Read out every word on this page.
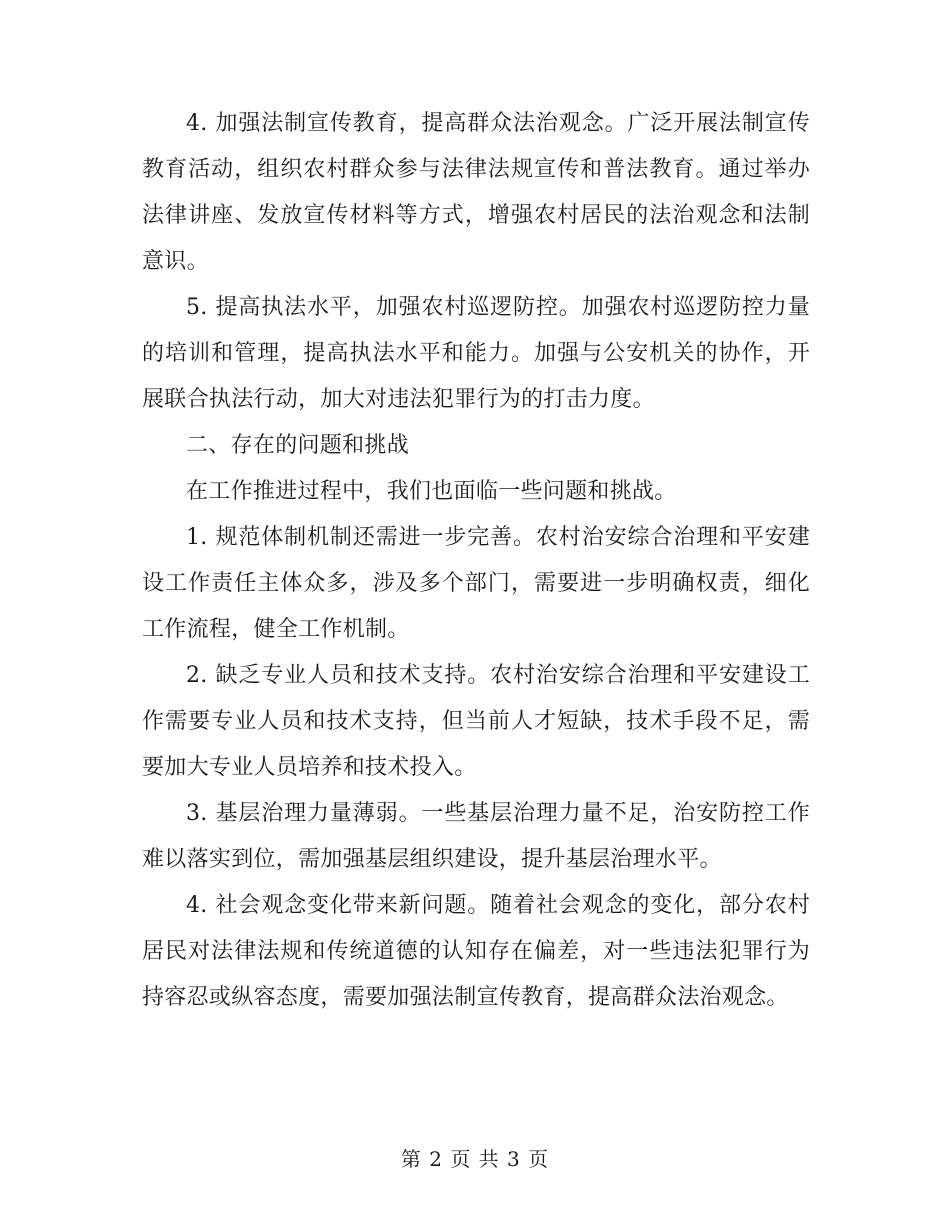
4. 加强法制宣传教育，提高群众法治观念。广泛开展法制宣传教育活动，组织农村群众参与法律法规宣传和普法教育。通过举办法律讲座、发放宣传材料等方式，增强农村居民的法治观念和法制意识。

5. 提高执法水平，加强农村巡逻防控。加强农村巡逻防控力量的培训和管理，提高执法水平和能力。加强与公安机关的协作，开展联合执法行动，加大对违法犯罪行为的打击力度。

二、存在的问题和挑战

在工作推进过程中，我们也面临一些问题和挑战。

1. 规范体制机制还需进一步完善。农村治安综合治理和平安建设工作责任主体众多，涉及多个部门，需要进一步明确权责，细化工作流程，健全工作机制。

2. 缺乏专业人员和技术支持。农村治安综合治理和平安建设工作需要专业人员和技术支持，但当前人才短缺，技术手段不足，需要加大专业人员培养和技术投入。

3. 基层治理力量薄弱。一些基层治理力量不足，治安防控工作难以落实到位，需加强基层组织建设，提升基层治理水平。

4. 社会观念变化带来新问题。随着社会观念的变化，部分农村居民对法律法规和传统道德的认知存在偏差，对一些违法犯罪行为持容忍或纵容态度，需要加强法制宣传教育，提高群众法治观念。

第 2 页 共 3 页
